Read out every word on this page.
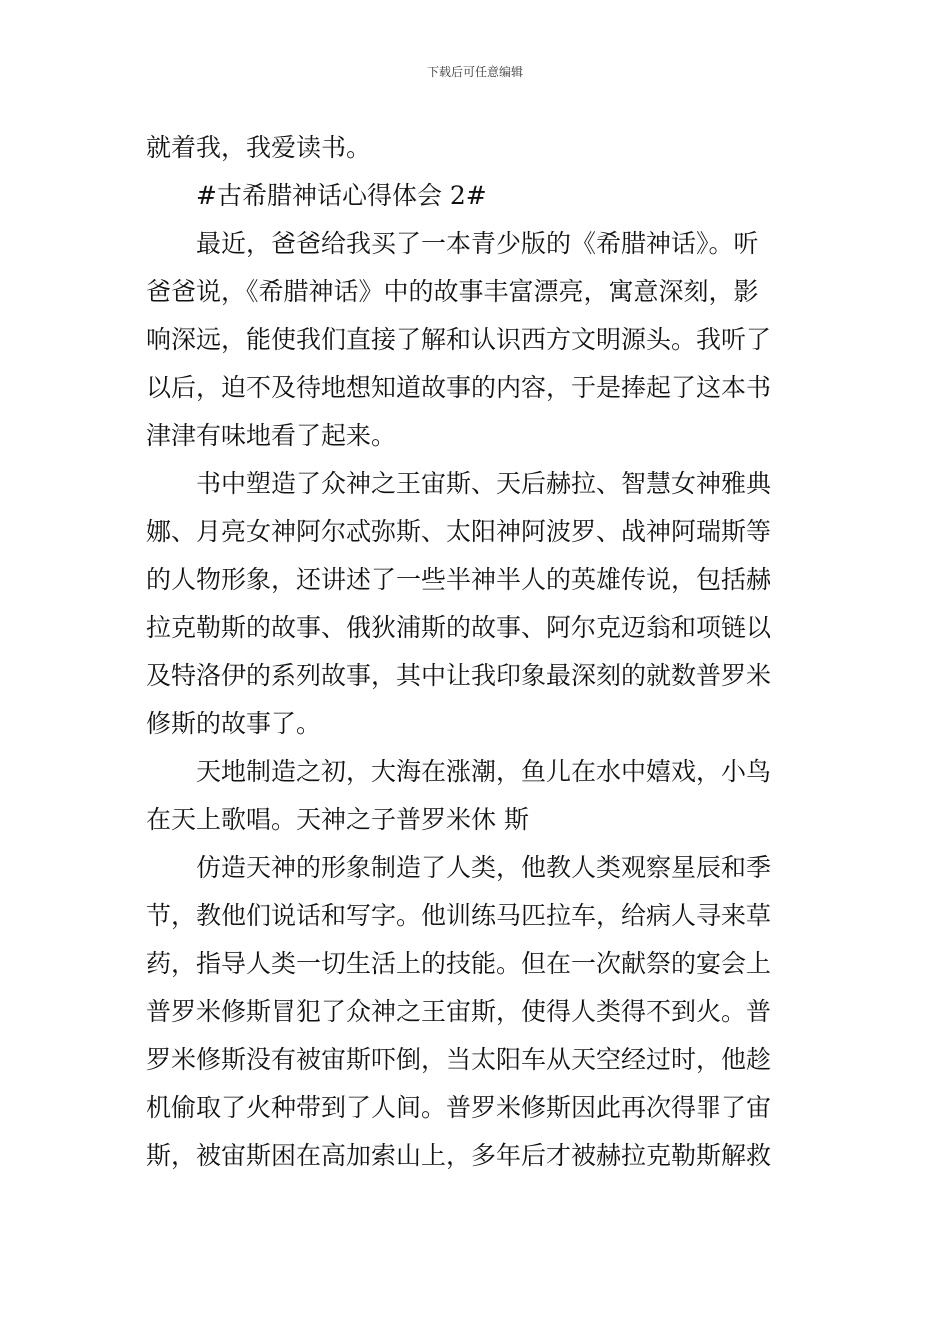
下载后可任意编辑
就着我，我爱读书。
#古希腊神话心得体会 2#
最近，爸爸给我买了一本青少版的《希腊神话》。听
爸爸说，《希腊神话》中的故事丰富漂亮，寓意深刻，影
响深远，能使我们直接了解和认识西方文明源头。我听了
以后，迫不及待地想知道故事的内容，于是捧起了这本书
津津有味地看了起来。
书中塑造了众神之王宙斯、天后赫拉、智慧女神雅典
娜、月亮女神阿尔忒弥斯、太阳神阿波罗、战神阿瑞斯等
的人物形象，还讲述了一些半神半人的英雄传说，包括赫
拉克勒斯的故事、俄狄浦斯的故事、阿尔克迈翁和项链以
及特洛伊的系列故事，其中让我印象最深刻的就数普罗米
修斯的故事了。
天地制造之初，大海在涨潮，鱼儿在水中嬉戏，小鸟
在天上歌唱。天神之子普罗米休 斯
仿造天神的形象制造了人类，他教人类观察星辰和季
节，教他们说话和写字。他训练马匹拉车，给病人寻来草
药，指导人类一切生活上的技能。但在一次献祭的宴会上
普罗米修斯冒犯了众神之王宙斯，使得人类得不到火。普
罗米修斯没有被宙斯吓倒，当太阳车从天空经过时，他趁
机偷取了火种带到了人间。普罗米修斯因此再次得罪了宙
斯，被宙斯困在高加索山上，多年后才被赫拉克勒斯解救
